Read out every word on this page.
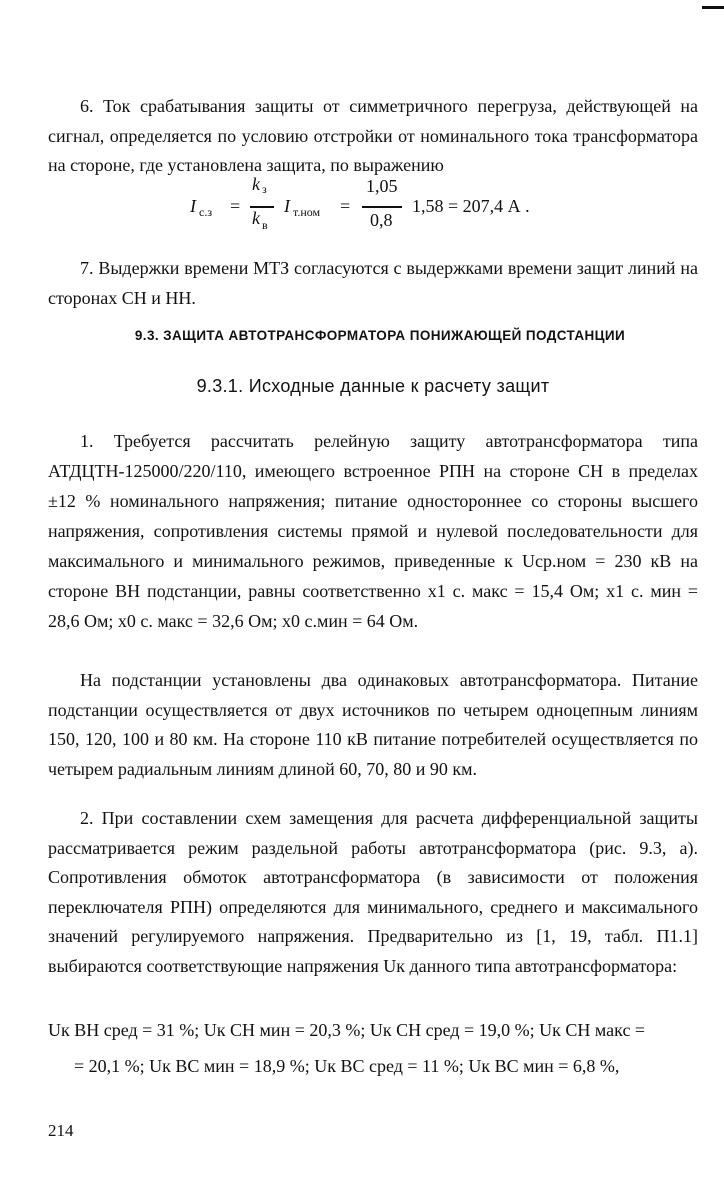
6. Ток срабатывания защиты от симметричного перегруза, действующей на сигнал, определяется по условию отстройки от номинального тока трансформатора на стороне, где установлена защита, по выражению

I с.з =
k з
k в
I т.ном =
1,05
0,8
1,58 = 207,4 А .

7. Выдержки времени МТЗ согласуются с выдержками времени защит линий на сторонах СН и НН.

9.3. ЗАЩИТА АВТОТРАНСФОРМАТОРА ПОНИЖАЮЩЕЙ ПОДСТАНЦИИ
9.3.1. Исходные данные к расчету защит

1. Требуется рассчитать релейную защиту автотрансформатора типа АТДЦТН-125000/220/110, имеющего встроенное РПН на стороне СН в пределах ±12 % номинального напряжения; питание одностороннее со стороны высшего напряжения, сопротивления системы прямой и нулевой последовательности для максимального и минимального режимов, приведенные к Uср.ном = 230 кВ на стороне ВН подстанции, равны соответственно x1 с. макс = 15,4 Ом; x1 с. мин = 28,6 Ом; x0 с. макс = 32,6 Ом; x0 с.мин = 64 Ом.

На подстанции установлены два одинаковых автотрансформатора. Питание подстанции осуществляется от двух источников по четырем одноцепным линиям 150, 120, 100 и 80 км. На стороне 110 кВ питание потребителей осуществляется по четырем радиальным линиям длиной 60, 70, 80 и 90 км.

2. При составлении схем замещения для расчета дифференциальной защиты рассматривается режим раздельной работы автотрансформатора (рис. 9.3, а). Сопротивления обмоток автотрансформатора (в зависимости от положения переключателя РПН) определяются для минимального, среднего и максимального значений регулируемого напряжения. Предварительно из [1, 19, табл. П1.1] выбираются соответствующие напряжения Uк данного типа автотрансформатора:

Uк ВН сред = 31 %; Uк СН мин = 20,3 %; Uк СН сред = 19,0 %; Uк СН макс =

= 20,1 %; Uк ВС мин = 18,9 %; Uк ВС сред = 11 %; Uк ВС мин = 6,8 %,

214
